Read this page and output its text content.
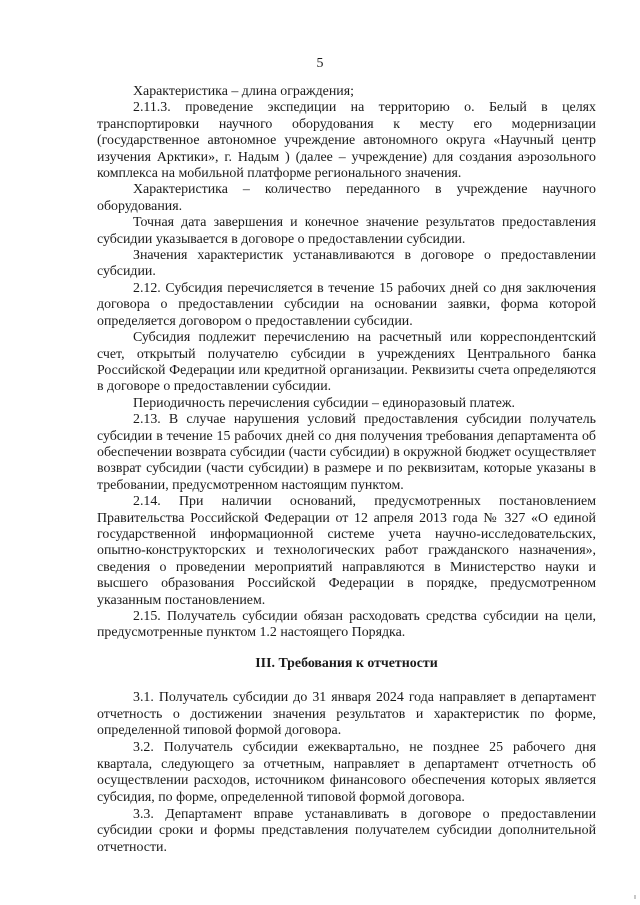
5

Характеристика – длина ограждения;

2.11.3. проведение экспедиции на территорию о. Белый в целях транспортировки научного оборудования к месту его модернизации (государственное автономное учреждение автономного округа «Научный центр изучения Арктики», г. Надым ) (далее – учреждение) для создания аэрозольного комплекса на мобильной платформе регионального значения.

Характеристика – количество переданного в учреждение научного оборудования.

Точная дата завершения и конечное значение результатов предоставления субсидии указывается в договоре о предоставлении субсидии.

Значения характеристик устанавливаются в договоре о предоставлении субсидии.

2.12. Субсидия перечисляется в течение 15 рабочих дней со дня заключения договора о предоставлении субсидии на основании заявки, форма которой определяется договором о предоставлении субсидии.

Субсидия подлежит перечислению на расчетный или корреспондентский счет, открытый получателю субсидии в учреждениях Центрального банка Российской Федерации или кредитной организации. Реквизиты счета определяются в договоре о предоставлении субсидии.

Периодичность перечисления субсидии – единоразовый платеж.

2.13. В случае нарушения условий предоставления субсидии получатель субсидии в течение 15 рабочих дней со дня получения требования департамента об обеспечении возврата субсидии (части субсидии) в окружной бюджет осуществляет возврат субсидии (части субсидии) в размере и по реквизитам, которые указаны в требовании, предусмотренном настоящим пунктом.

2.14. При наличии оснований, предусмотренных постановлением Правительства Российской Федерации от 12 апреля 2013 года № 327 «О единой государственной информационной системе учета научно-исследовательских, опытно-конструкторских и технологических работ гражданского назначения», сведения о проведении мероприятий направляются в Министерство науки и высшего образования Российской Федерации в порядке, предусмотренном указанным постановлением.

2.15. Получатель субсидии обязан расходовать средства субсидии на цели, предусмотренные пунктом 1.2 настоящего Порядка.

III. Требования к отчетности

3.1. Получатель субсидии до 31 января 2024 года направляет в департамент отчетность о достижении значения результатов и характеристик по форме, определенной типовой формой договора.

3.2. Получатель субсидии ежеквартально, не позднее 25 рабочего дня квартала, следующего за отчетным, направляет в департамент отчетность об осуществлении расходов, источником финансового обеспечения которых является субсидия, по форме, определенной типовой формой договора.

3.3. Департамент вправе устанавливать в договоре о предоставлении субсидии сроки и формы представления получателем субсидии дополнительной отчетности.
